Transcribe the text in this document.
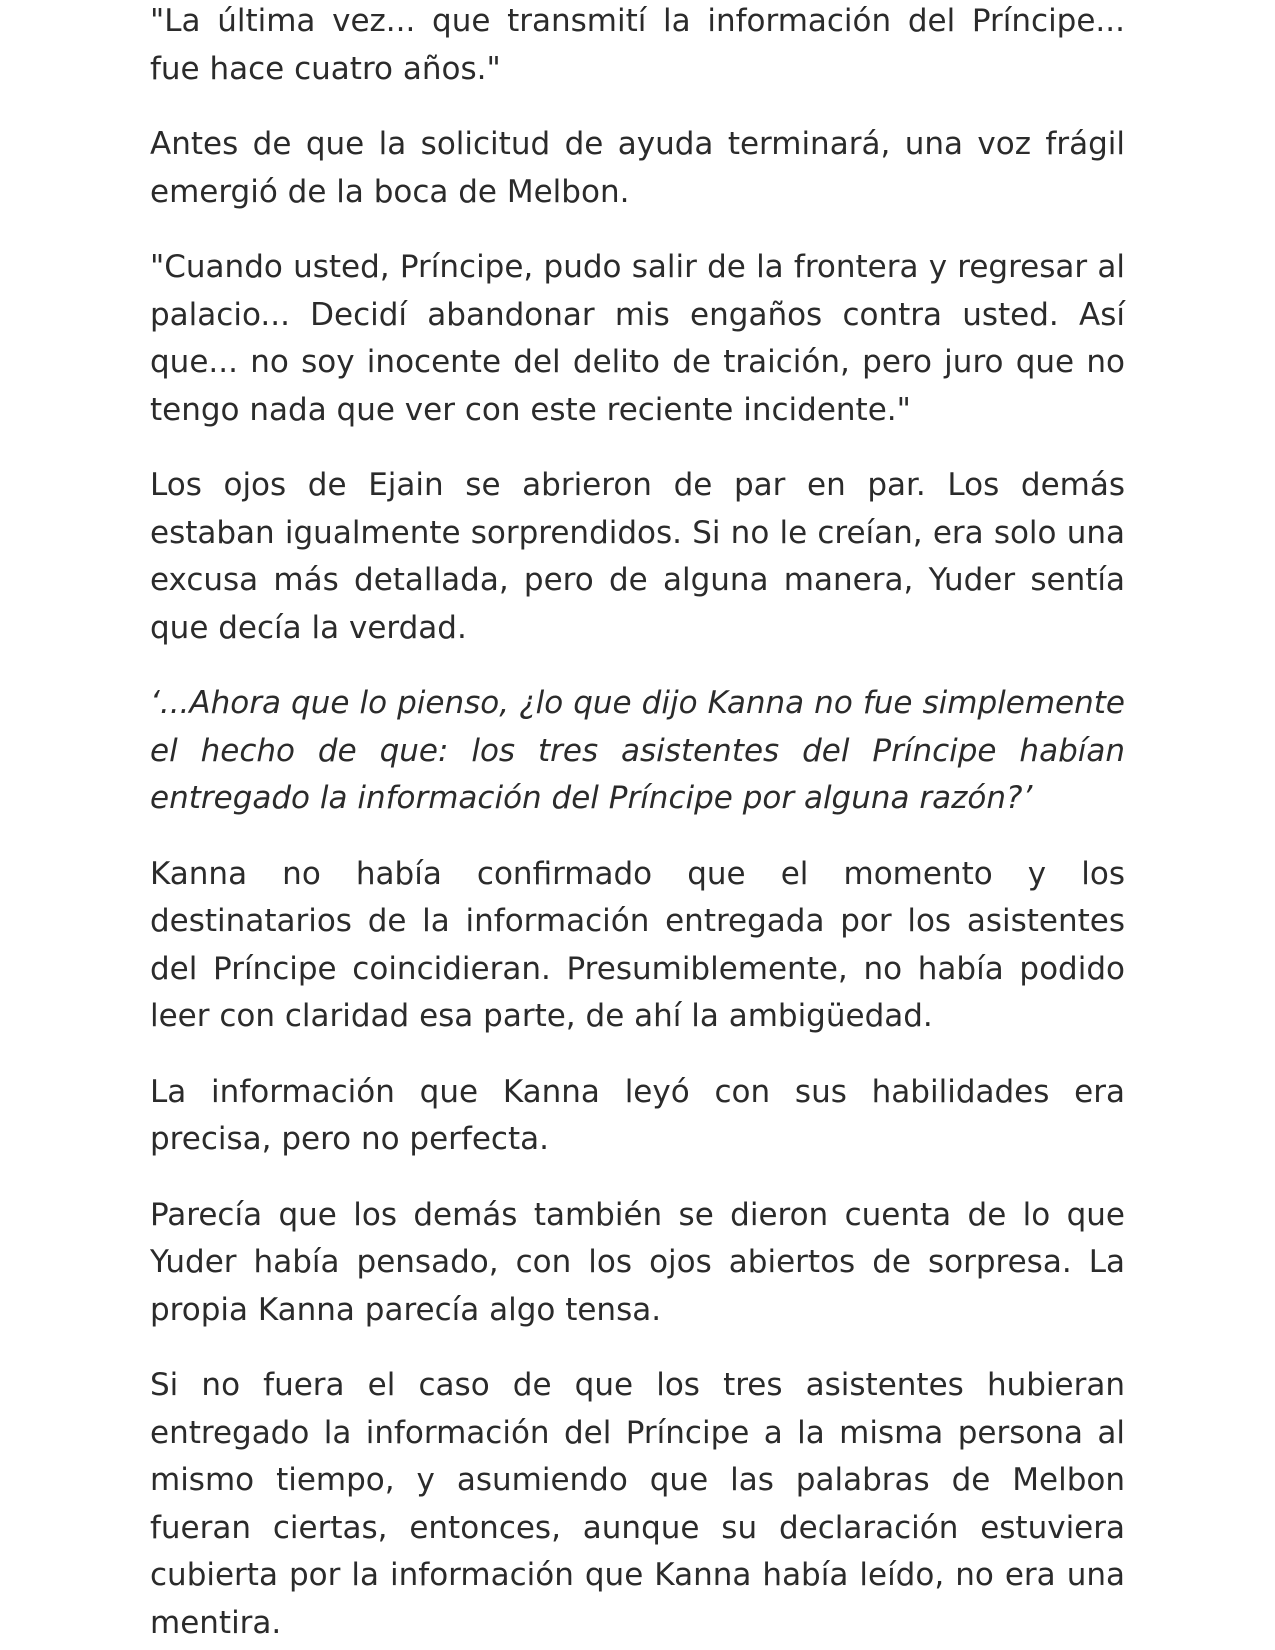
"La última vez... que transmití la información del Príncipe... fue hace cuatro años."

Antes de que la solicitud de ayuda terminará, una voz frágil emergió de la boca de Melbon.

"Cuando usted, Príncipe, pudo salir de la frontera y regresar al palacio... Decidí abandonar mis engaños contra usted. Así que... no soy inocente del delito de traición, pero juro que no tengo nada que ver con este reciente incidente."

Los ojos de Ejain se abrieron de par en par. Los demás estaban igualmente sorprendidos. Si no le creían, era solo una excusa más detallada, pero de alguna manera, Yuder sentía que decía la verdad.

‘...Ahora que lo pienso, ¿lo que dijo Kanna no fue simplemente el hecho de que: los tres asistentes del Príncipe habían entregado la información del Príncipe por alguna razón?’

Kanna no había confirmado que el momento y los destinatarios de la información entregada por los asistentes del Príncipe coincidieran. Presumiblemente, no había podido leer con claridad esa parte, de ahí la ambigüedad.

La información que Kanna leyó con sus habilidades era precisa, pero no perfecta.

Parecía que los demás también se dieron cuenta de lo que Yuder había pensado, con los ojos abiertos de sorpresa. La propia Kanna parecía algo tensa.

Si no fuera el caso de que los tres asistentes hubieran entregado la información del Príncipe a la misma persona al mismo tiempo, y asumiendo que las palabras de Melbon fueran ciertas, entonces, aunque su declaración estuviera cubierta por la información que Kanna había leído, no era una mentira.
